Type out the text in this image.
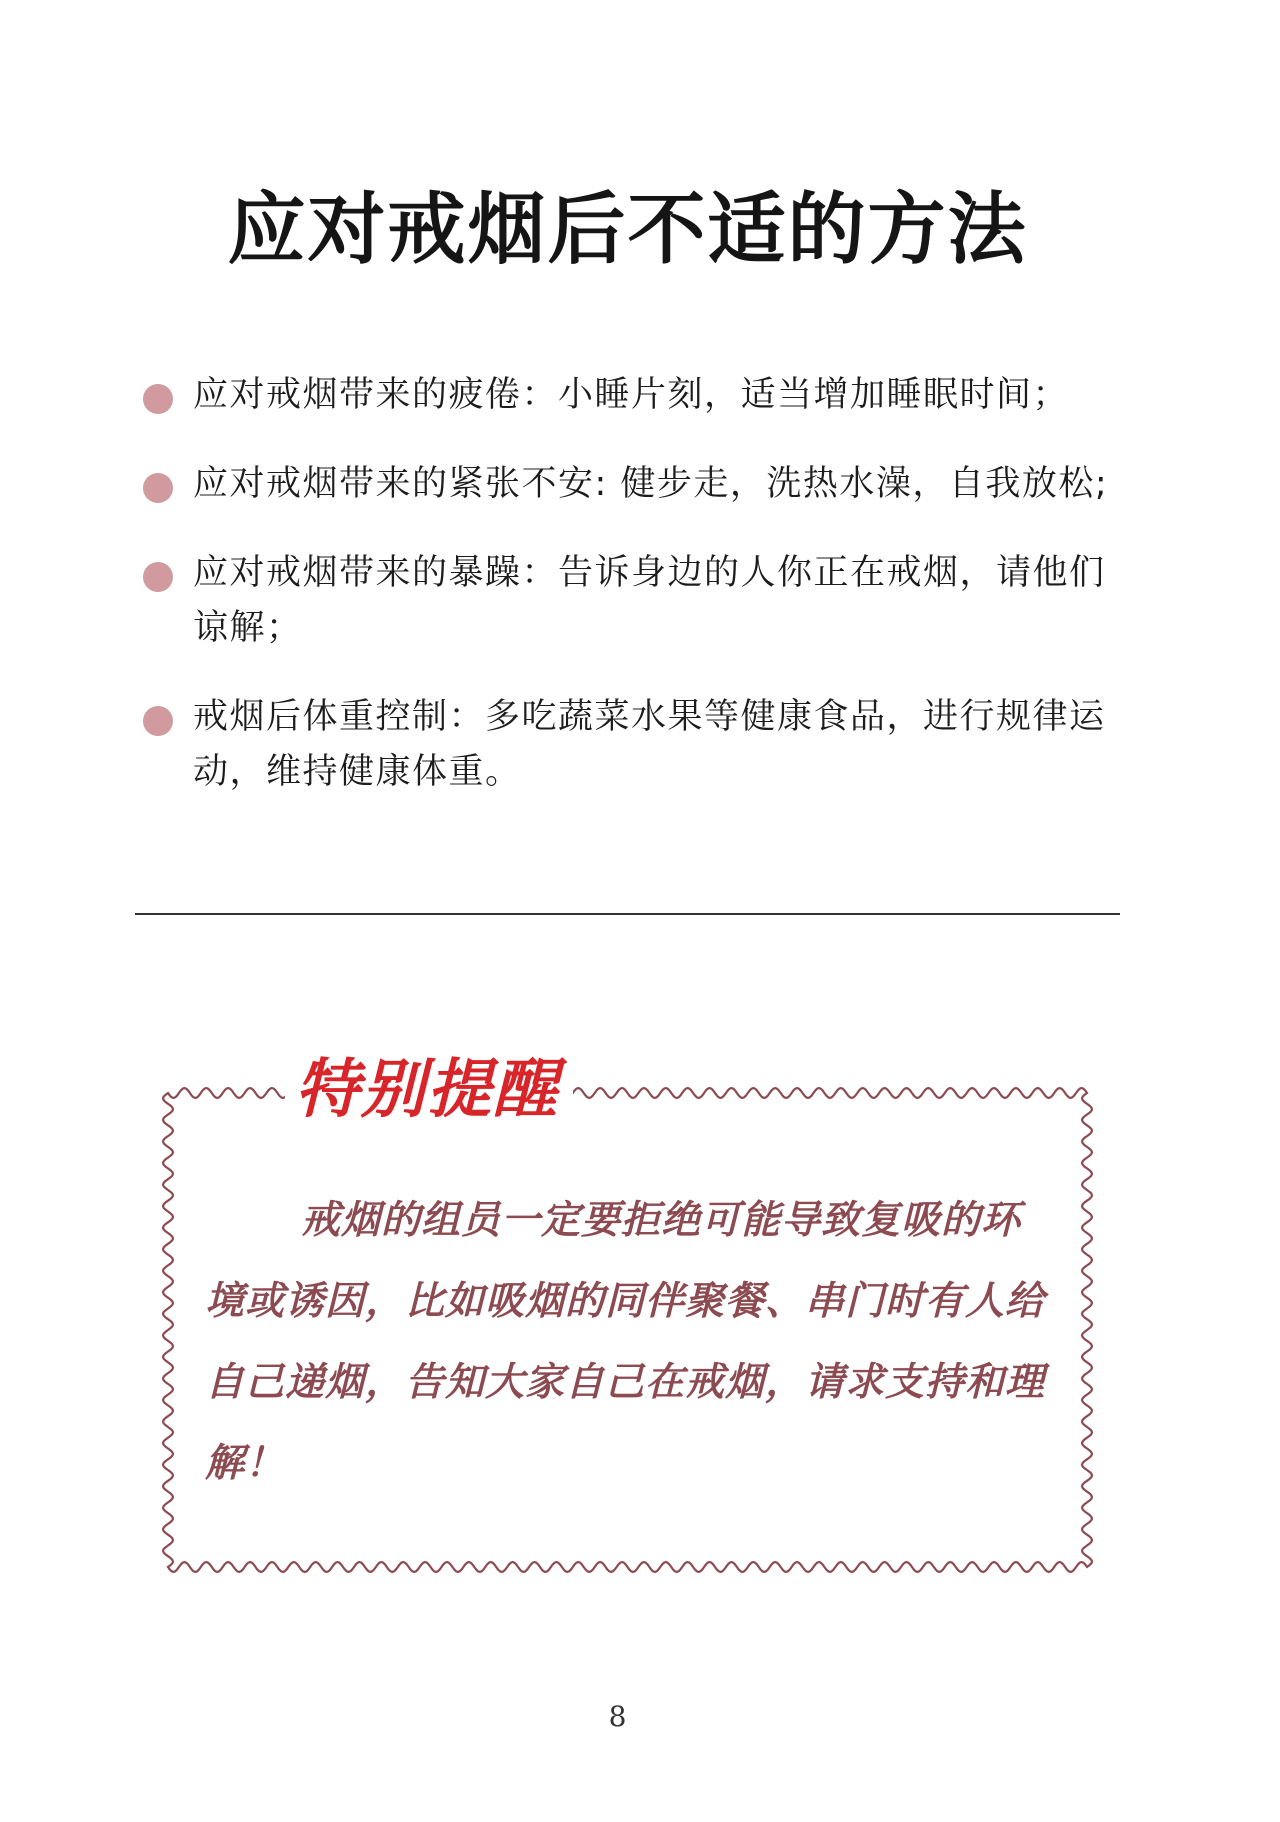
应对戒烟后不适的方法
应对戒烟带来的疲倦：小睡片刻，适当增加睡眠时间；
应对戒烟带来的紧张不安: 健步走，洗热水澡，自我放松;
应对戒烟带来的暴躁：告诉身边的人你正在戒烟，请他们谅解；
戒烟后体重控制：多吃蔬菜水果等健康食品，进行规律运动，维持健康体重。
特别提醒

戒烟的组员一定要拒绝可能导致复吸的环境或诱因，比如吸烟的同伴聚餐、串门时有人给自己递烟，告知大家自己在戒烟，请求支持和理解！

8
